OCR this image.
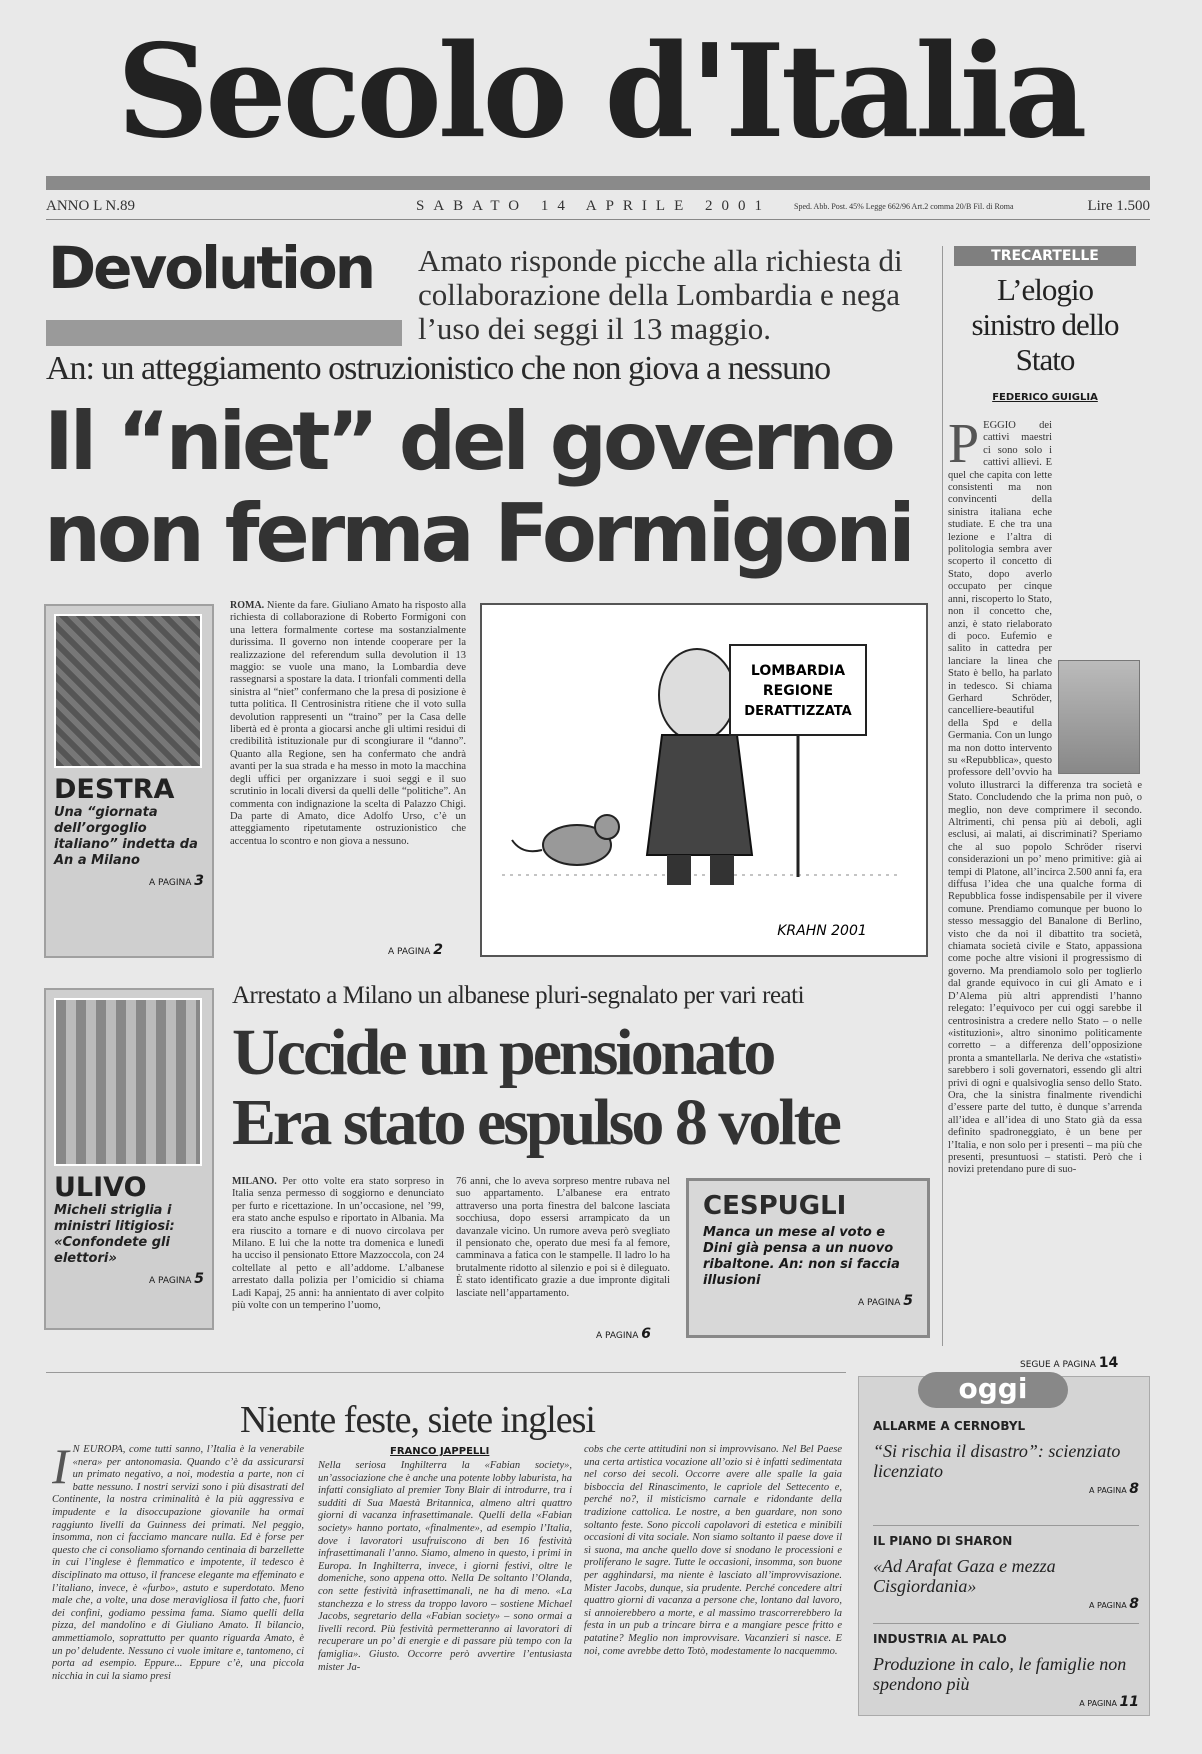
Secolo d'Italia
ANNO L N.89	SABATO 14 APRILE 2001	Sped. Abb. Post. 45% Legge 662/96 Art.2 comma 20/B Fil. di Roma	Lire 1.500
Devolution Amato risponde picche alla richiesta di collaborazione della Lombardia e nega l’uso dei seggi il 13 maggio.
An: un atteggiamento ostruzionistico che non giova a nessuno
Il “niet” del governo
non ferma Formigoni
DESTRA
Una “giornata dell’orgoglio italiano” indetta da An a Milano
A PAGINA 3
ROMA. Niente da fare. Giuliano Amato ha risposto alla richiesta di collaborazione di Roberto Formigoni con una lettera formalmente cortese ma sostanzialmente durissima. Il governo non intende cooperare per la realizzazione del referendum sulla devolution il 13 maggio: se vuole una mano, la Lombardia deve rassegnarsi a spostare la data. I trionfali commenti della sinistra al “niet” confermano che la presa di posizione è tutta politica. Il Centrosinistra ritiene che il voto sulla devolution rappresenti un “traino” per la Casa delle libertà ed è pronta a giocarsi anche gli ultimi residui di credibilità istituzionale pur di scongiurare il “danno”. Quanto alla Regione, sen ha confermato che andrà avanti per la sua strada e ha messo in moto la macchina degli uffici per organizzare i suoi seggi e il suo scrutinio in locali diversi da quelli delle “politiche”. An commenta con indignazione la scelta di Palazzo Chigi. Da parte di Amato, dice Adolfo Urso, c’è un atteggiamento ripetutamente ostruzionistico che accentua lo scontro e non giova a nessuno.
A PAGINA 2
LOMBARDIA
REGIONE
DERATTIZZATA
KRAHN 2001
Arrestato a Milano un albanese pluri-segnalato per vari reati
Uccide un pensionato
Era stato espulso 8 volte
ULIVO
Micheli striglia i ministri litigiosi: «Confondete gli elettori»
A PAGINA 5
MILANO. Per otto volte era stato sorpreso in Italia senza permesso di soggiorno e denunciato per furto e ricettazione. In un’occasione, nel ’99, era stato anche espulso e riportato in Albania. Ma era riuscito a tornare e di nuovo circolava per Milano. E lui che la notte tra domenica e lunedì ha ucciso il pensionato Ettore Mazzoccola, con 24 coltellate al petto e all’addome. L’albanese arrestato dalla polizia per l’omicidio si chiama Ladi Kapaj, 25 anni: ha annientato di aver colpito più volte con un temperino l’uomo,
76 anni, che lo aveva sorpreso mentre rubava nel suo appartamento. L’albanese era entrato attraverso una porta finestra del balcone lasciata socchiusa, dopo essersi arrampicato da un davanzale vicino. Un rumore aveva però svegliato il pensionato che, operato due mesi fa al femore, camminava a fatica con le stampelle. Il ladro lo ha brutalmente ridotto al silenzio e poi si è dileguato. È stato identificato grazie a due impronte digitali lasciate nell’appartamento.
A PAGINA 6
CESPUGLI
Manca un mese al voto e Dini già pensa a un nuovo ribaltone. An: non si faccia illusioni
A PAGINA 5
TRECARTELLE
L’elogio sinistro dello Stato
FEDERICO GUIGLIA
P EGGIO dei cattivi maestri ci sono solo i cattivi allievi. E quel che capita con lette consistenti ma non convincenti della sinistra italiana eche studiate. E che tra una lezione e l’altra di politologia sembra aver scoperto il concetto di Stato, dopo averlo occupato per cinque anni, riscoperto lo Stato, non il concetto che, anzi, è stato rielaborato di poco. Eufemio e salito in cattedra per lanciare la linea che Stato è bello, ha parlato in tedesco. Si chiama Gerhard Schröder, cancelliere-beautiful della Spd e della Germania. Con un lungo ma non dotto intervento su «Repubblica», questo professore dell’ovvio ha voluto illustrarci la differenza tra società e Stato. Concludendo che la prima non può, o meglio, non deve comprimere il secondo. Altrimenti, chi pensa più ai deboli, agli esclusi, ai malati, ai discriminati? Speriamo che al suo popolo Schröder riservi considerazioni un po’ meno primitive: già ai tempi di Platone, all’incirca 2.500 anni fa, era diffusa l’idea che una qualche forma di Repubblica fosse indispensabile per il vivere comune. Prendiamo comunque per buono lo stesso messaggio del Banalone di Berlino, visto che da noi il dibattito tra società, chiamata società civile e Stato, appassiona come poche altre visioni il progressismo di governo. Ma prendiamolo solo per toglierlo dal grande equivoco in cui gli Amato e i D’Alema più altri apprendisti l’hanno relegato: l’equivoco per cui oggi sarebbe il centrosinistra a credere nello Stato – o nelle «istituzioni», altro sinonimo politicamente corretto – a differenza dell’opposizione pronta a smantellarla. Ne deriva che «statisti» sarebbero i soli governatori, essendo gli altri privi di ogni e qualsivoglia senso dello Stato. Ora, che la sinistra finalmente rivendichi d’essere parte del tutto, è dunque s’arrenda all’idea e all’idea di uno Stato già da essa definito spadroneggiato, è un bene per l’Italia, e non solo per i presenti – ma più che presenti, presuntuosi – statisti. Però che i novizi pretendano pure di suo-
SEGUE A PAGINA 14
Niente feste, siete inglesi
FRANCO JAPPELLI
I N EUROPA, come tutti sanno, l’Italia è la venerabile «nera» per antonomasia. Quando c’è da assicurarsi un primato negativo, a noi, modestia a parte, non ci batte nessuno. I nostri servizi sono i più disastrati del Continente, la nostra criminalità è la più aggressiva e impudente e la disoccupazione giovanile ha ormai raggiunto livelli da Guinness dei primati. Nel peggio, insomma, non ci facciamo mancare nulla. Ed è forse per questo che ci consoliamo sfornando centinaia di barzellette in cui l’inglese è flemmatico e impotente, il tedesco è disciplinato ma ottuso, il francese elegante ma effeminato e l’italiano, invece, è «furbo», astuto e superdotato. Meno male che, a volte, una dose meravigliosa il fatto che, fuori dei confini, godiamo pessima fama. Siamo quelli della pizza, del mandolino e di Giuliano Amato. Il bilancio, ammettiamolo, soprattutto per quanto riguarda Amato, è un po’ deludente. Nessuno ci vuole imitare e, tantomeno, ci porta ad esempio. Eppure... Eppure c’è, una piccola nicchia in cui la siamo presi
Nella seriosa Inghilterra la «Fabian society», un’associazione che è anche una potente lobby laburista, ha infatti consigliato al premier Tony Blair di introdurre, tra i sudditi di Sua Maestà Britannica, almeno altri quattro giorni di vacanza infrasettimanale. Quelli della «Fabian society» hanno portato, «finalmente», ad esempio l’Italia, dove i lavoratori usufruiscono di ben 16 festività infrasettimanali l’anno. Siamo, almeno in questo, i primi in Europa. In Inghilterra, invece, i giorni festivi, oltre le domeniche, sono appena otto. Nella De soltanto l’Olanda, con sette festività infrasettimanali, ne ha di meno. «La stanchezza e lo stress da troppo lavoro – sostiene Michael Jacobs, segretario della «Fabian society» – sono ormai a livelli record. Più festività permetteranno ai lavoratori di recuperare un po’ di energie e di passare più tempo con la famiglia». Giusto. Occorre però avvertire l’entusiasta mister Ja-
cobs che certe attitudini non si improvvisano. Nel Bel Paese una certa artistica vocazione all’ozio si è infatti sedimentata nel corso dei secoli. Occorre avere alle spalle la gaia bisboccia del Rinascimento, le capriole del Settecento e, perché no?, il misticismo carnale e ridondante della tradizione cattolica. Le nostre, a ben guardare, non sono soltanto feste. Sono piccoli capolavori di estetica e minibili occasioni di vita sociale. Non siamo soltanto il paese dove il sì suona, ma anche quello dove si snodano le processioni e proliferano le sagre. Tutte le occasioni, insomma, son buone per agghindarsi, ma niente è lasciato all’improvvisazione. Mister Jacobs, dunque, sia prudente. Perché concedere altri quattro giorni di vacanza a persone che, lontano dal lavoro, si annoierebbero a morte, e al massimo trascorrerebbero la festa in un pub a trincare birra e a mangiare pesce fritto e patatine? Meglio non improvvisare. Vacanzieri si nasce. E noi, come avrebbe detto Totò, modestamente lo nacquemmo.
ALLARME A CERNOBYL
“Si rischia il disastro”: scienziato licenziato
A PAGINA 8
IL PIANO DI SHARON
«Ad Arafat Gaza e mezza Cisgiordania»
A PAGINA 8
INDUSTRIA AL PALO
Produzione in calo, le famiglie non spendono più
A PAGINA 11
oggi
